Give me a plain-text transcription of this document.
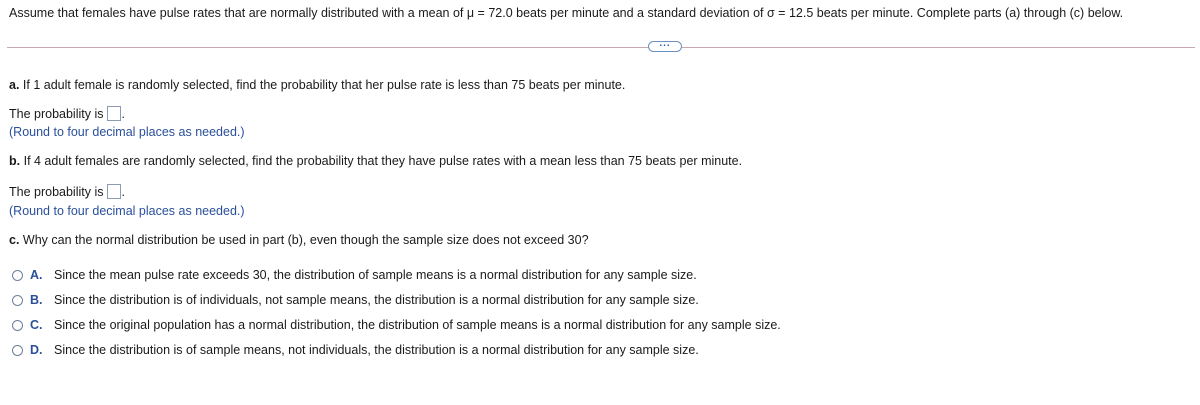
Assume that females have pulse rates that are normally distributed with a mean of μ = 72.0 beats per minute and a standard deviation of σ = 12.5 beats per minute. Complete parts (a) through (c) below.
...
a. If 1 adult female is randomly selected, find the probability that her pulse rate is less than 75 beats per minute.
The probability is .
(Round to four decimal places as needed.)
b. If 4 adult females are randomly selected, find the probability that they have pulse rates with a mean less than 75 beats per minute.
The probability is .
(Round to four decimal places as needed.)
c. Why can the normal distribution be used in part (b), even though the sample size does not exceed 30?
A. Since the mean pulse rate exceeds 30, the distribution of sample means is a normal distribution for any sample size.
B. Since the distribution is of individuals, not sample means, the distribution is a normal distribution for any sample size.
C. Since the original population has a normal distribution, the distribution of sample means is a normal distribution for any sample size.
D. Since the distribution is of sample means, not individuals, the distribution is a normal distribution for any sample size.
